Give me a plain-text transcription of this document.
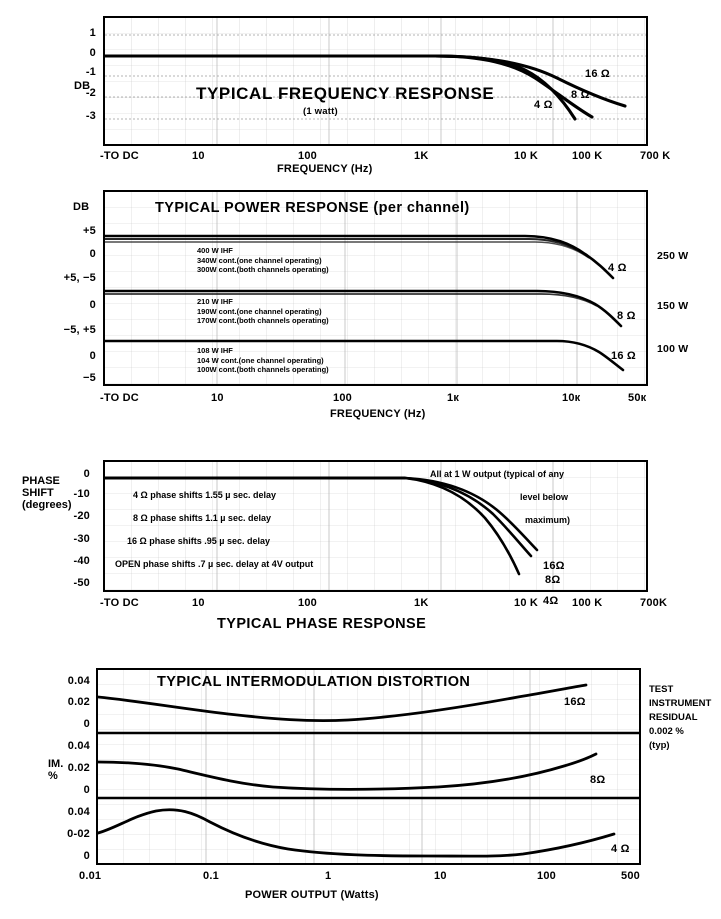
DB
1
0
-1
-2
-3
TYPICAL FREQUENCY RESPONSE
(1 watt)
16 Ω
8 Ω
4 Ω
-TO DC	10	100	1K	10 K	100 K	700 K
FREQUENCY (Hz)
DB
+5
0
+5, −5
0
−5, +5
0
−5
TYPICAL POWER RESPONSE (per channel)
400 W IHF
340W cont.(one channel operating)
300W cont.(both channels operating)
210 W IHF
190W cont.(one channel operating)
170W cont.(both channels operating)
108 W IHF
104 W cont.(one channel operating)
100W cont.(both channels operating)
4 Ω
8 Ω
16 Ω
250 W
150 W
100 W
-TO DC	10	100	1к	10к	50к
FREQUENCY (Hz)
PHASE
SHIFT
(degrees)
0
-10
-20
-30
-40
-50
4 Ω phase shifts 1.55 µ sec. delay
8 Ω phase shifts 1.1 µ sec. delay
16 Ω phase shifts .95 µ sec. delay
OPEN phase shifts .7 µ sec. delay at 4V output
All at 1 W output (typical of any
level below
maximum)
16Ω
8Ω
4Ω
-TO DC	10	100	1K	10 K	100 K	700K
TYPICAL PHASE RESPONSE
IM.
%
0.04
0.02
0
0.04
0.02
0
0.04
0-02
0
TYPICAL INTERMODULATION DISTORTION
16Ω
8Ω
4 Ω
TEST
INSTRUMENT
RESIDUAL
0.002 %
(typ)
0.01	0.1	1	10	100	500
POWER OUTPUT (Watts)
